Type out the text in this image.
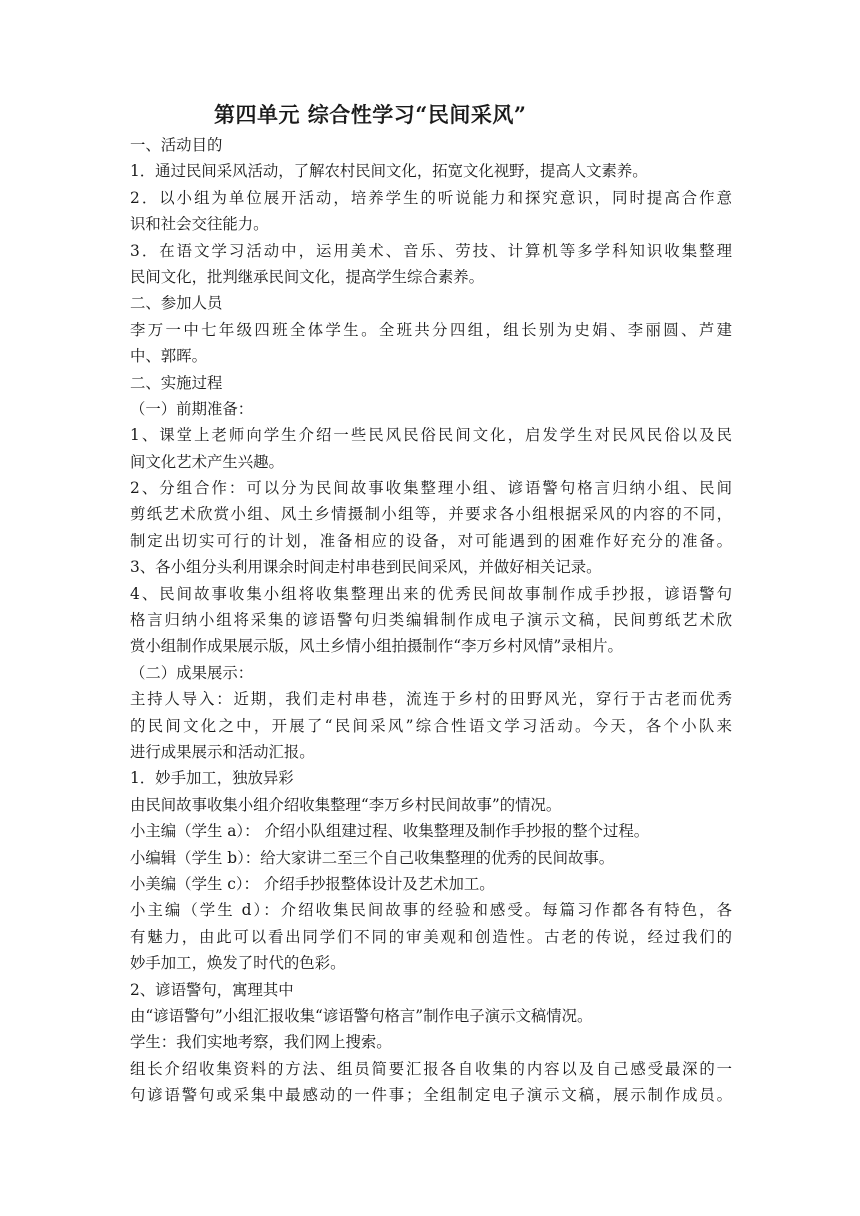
第四单元 综合性学习“民间采风”
一、活动目的
1．通过民间采风活动，了解农村民间文化，拓宽文化视野，提高人文素养。
2．以小组为单位展开活动，培养学生的听说能力和探究意识，同时提高合作意
识和社会交往能力。
3．在语文学习活动中，运用美术、音乐、劳技、计算机等多学科知识收集整理
民间文化，批判继承民间文化，提高学生综合素养。
二、参加人员
李万一中七年级四班全体学生。全班共分四组，组长别为史娟、李丽圆、芦建
中、郭晖。
二、实施过程
（一）前期准备：
1、课堂上老师向学生介绍一些民风民俗民间文化，启发学生对民风民俗以及民
间文化艺术产生兴趣。
2、分组合作：可以分为民间故事收集整理小组、谚语警句格言归纳小组、民间
剪纸艺术欣赏小组、风土乡情摄制小组等，并要求各小组根据采风的内容的不同，
制定出切实可行的计划，准备相应的设备，对可能遇到的困难作好充分的准备。
3、各小组分头利用课余时间走村串巷到民间采风，并做好相关记录。
4、民间故事收集小组将收集整理出来的优秀民间故事制作成手抄报，谚语警句
格言归纳小组将采集的谚语警句归类编辑制作成电子演示文稿，民间剪纸艺术欣
赏小组制作成果展示版，风土乡情小组拍摄制作“李万乡村风情”录相片。
（二）成果展示：
主持人导入：近期，我们走村串巷，流连于乡村的田野风光，穿行于古老而优秀
的民间文化之中，开展了“民间采风”综合性语文学习活动。今天，各个小队来
进行成果展示和活动汇报。
1．妙手加工，独放异彩
由民间故事收集小组介绍收集整理“李万乡村民间故事”的情况。
小主编（学生 a）： 介绍小队组建过程、收集整理及制作手抄报的整个过程。
小编辑（学生 b）：给大家讲二至三个自己收集整理的优秀的民间故事。
小美编（学生 c）： 介绍手抄报整体设计及艺术加工。
小主编（学生 d）：介绍收集民间故事的经验和感受。每篇习作都各有特色，各
有魅力，由此可以看出同学们不同的审美观和创造性。古老的传说，经过我们的
妙手加工，焕发了时代的色彩。
2、谚语警句，寓理其中
由“谚语警句”小组汇报收集“谚语警句格言”制作电子演示文稿情况。
学生：我们实地考察，我们网上搜索。
组长介绍收集资料的方法、组员简要汇报各自收集的内容以及自己感受最深的一
句谚语警句或采集中最感动的一件事；全组制定电子演示文稿，展示制作成员。
